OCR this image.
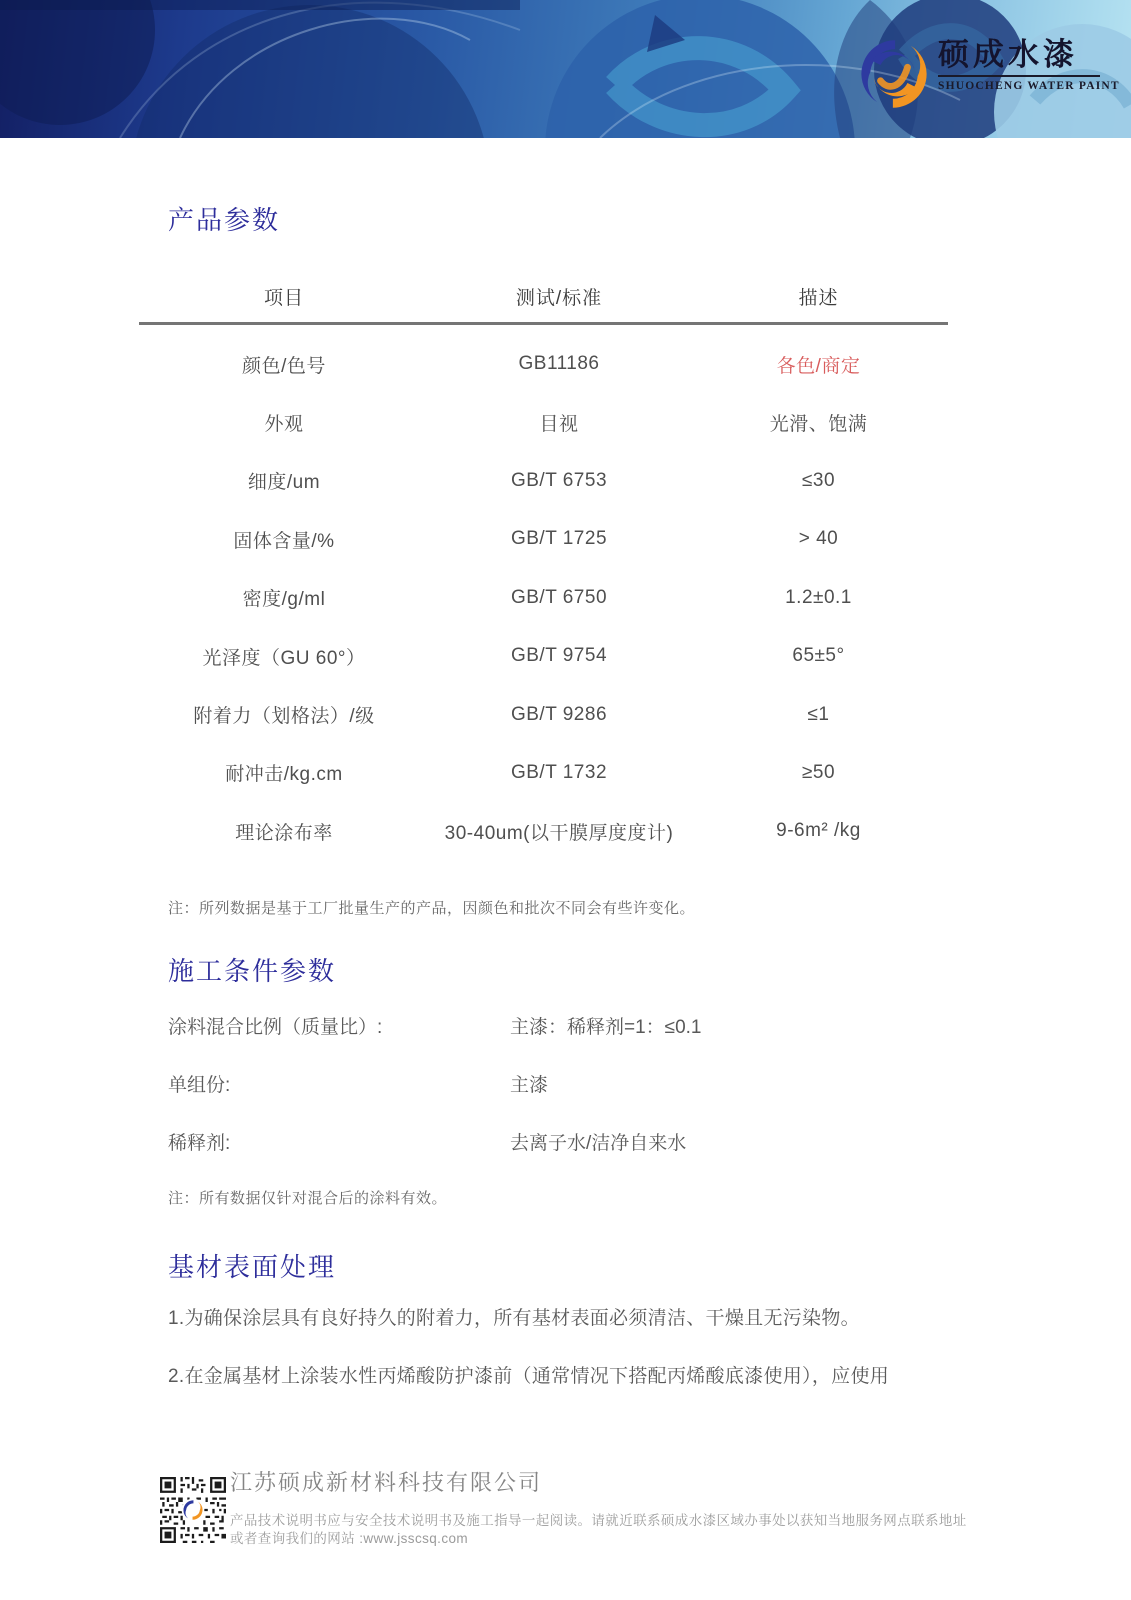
硕成水漆
SHUOCHENG WATER PAINT
产品参数
项目	测试/标准	描述
颜色/色号	GB11186	各色/商定
外观	目视	光滑、饱满
细度/um	GB/T 6753	≤30
固体含量/%	GB/T 1725	> 40
密度/g/ml	GB/T 6750	1.2±0.1
光泽度（GU 60°）	GB/T 9754	65±5°
附着力（划格法）/级	GB/T 9286	≤1
耐冲击/kg.cm	GB/T 1732	≥50
理论涂布率	30-40um(以干膜厚度度计)	9-6m² /kg

注：所列数据是基于工厂批量生产的产品，因颜色和批次不同会有些许变化。

施工条件参数
涂料混合比例（质量比）:	主漆：稀释剂=1：≤0.1
单组份:	主漆
稀释剂:	去离子水/洁净自来水

注：所有数据仅针对混合后的涂料有效。

基材表面处理
1.为确保涂层具有良好持久的附着力，所有基材表面必须清洁、干燥且无污染物。
2.在金属基材上涂装水性丙烯酸防护漆前（通常情况下搭配丙烯酸底漆使用），应使用
江苏硕成新材料科技有限公司
产品技术说明书应与安全技术说明书及施工指导一起阅读。请就近联系硕成水漆区域办事处以获知当地服务网点联系地址
或者查询我们的网站 :www.jsscsq.com
